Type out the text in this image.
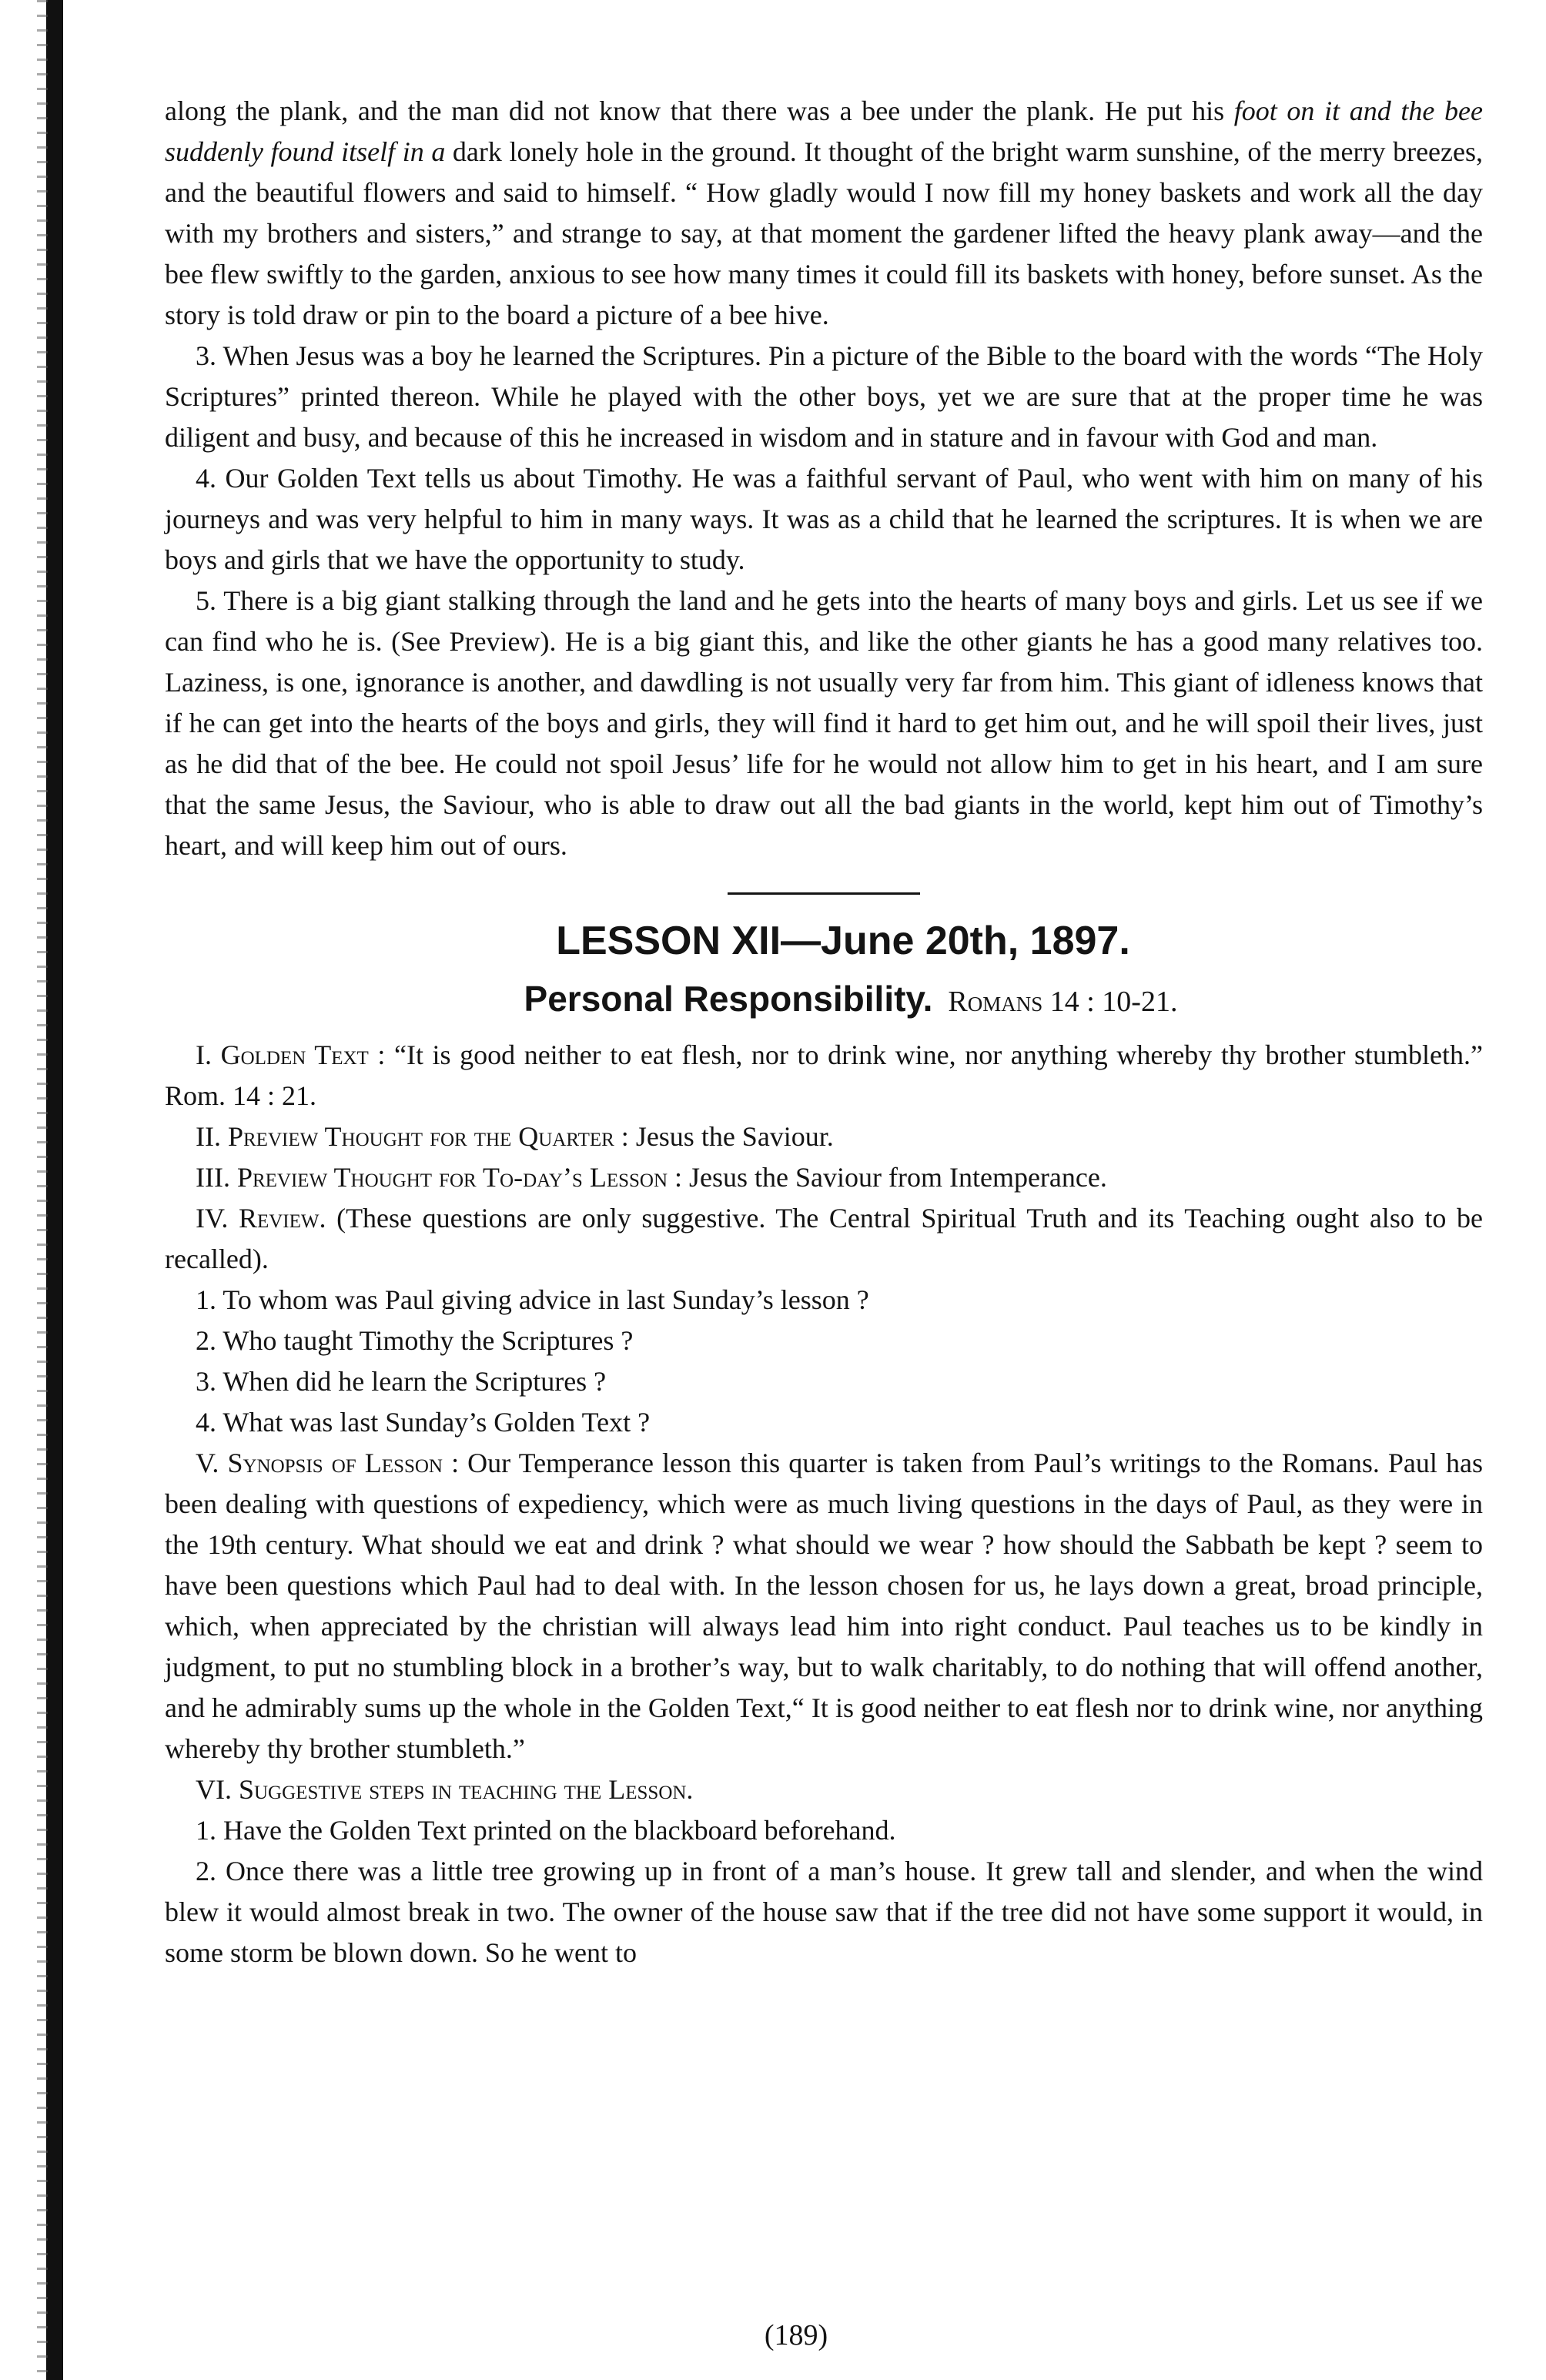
along the plank, and the man did not know that there was a bee under the plank. He put his foot on it and the bee suddenly found itself in a dark lonely hole in the ground. It thought of the bright warm sunshine, of the merry breezes, and the beautiful flowers and said to himself. “ How gladly would I now fill my honey baskets and work all the day with my brothers and sisters,” and strange to say, at that moment the gardener lifted the heavy plank away—and the bee flew swiftly to the garden, anxious to see how many times it could fill its baskets with honey, before sunset. As the story is told draw or pin to the board a picture of a bee hive.

3. When Jesus was a boy he learned the Scriptures. Pin a picture of the Bible to the board with the words “The Holy Scriptures” printed thereon. While he played with the other boys, yet we are sure that at the proper time he was diligent and busy, and because of this he increased in wisdom and in stature and in favour with God and man.

4. Our Golden Text tells us about Timothy. He was a faithful servant of Paul, who went with him on many of his journeys and was very helpful to him in many ways. It was as a child that he learned the scriptures. It is when we are boys and girls that we have the opportunity to study.

5. There is a big giant stalking through the land and he gets into the hearts of many boys and girls. Let us see if we can find who he is. (See Preview). He is a big giant this, and like the other giants he has a good many relatives too. Laziness, is one, ignorance is another, and dawdling is not usually very far from him. This giant of idleness knows that if he can get into the hearts of the boys and girls, they will find it hard to get him out, and he will spoil their lives, just as he did that of the bee. He could not spoil Jesus’ life for he would not allow him to get in his heart, and I am sure that the same Jesus, the Saviour, who is able to draw out all the bad giants in the world, kept him out of Timothy’s heart, and will keep him out of ours.

LESSON XII—June 20th, 1897.
Personal Responsibility. Romans 14 : 10-21.

I. Golden Text : “It is good neither to eat flesh, nor to drink wine, nor anything whereby thy brother stumbleth.” Rom. 14 : 21.

II. Preview Thought for the Quarter : Jesus the Saviour.

III. Preview Thought for To-day’s Lesson : Jesus the Saviour from Intemperance.

IV. Review. (These questions are only suggestive. The Central Spiritual Truth and its Teaching ought also to be recalled).

1. To whom was Paul giving advice in last Sunday’s lesson ?

2. Who taught Timothy the Scriptures ?

3. When did he learn the Scriptures ?

4. What was last Sunday’s Golden Text ?

V. Synopsis of Lesson : Our Temperance lesson this quarter is taken from Paul’s writings to the Romans. Paul has been dealing with questions of expediency, which were as much living questions in the days of Paul, as they were in the 19th century. What should we eat and drink ? what should we wear ? how should the Sabbath be kept ? seem to have been questions which Paul had to deal with. In the lesson chosen for us, he lays down a great, broad principle, which, when appreciated by the christian will always lead him into right conduct. Paul teaches us to be kindly in judgment, to put no stumbling block in a brother’s way, but to walk charitably, to do nothing that will offend another, and he admirably sums up the whole in the Golden Text,“ It is good neither to eat flesh nor to drink wine, nor anything whereby thy brother stumbleth.”

VI. Suggestive steps in teaching the Lesson.

1. Have the Golden Text printed on the blackboard beforehand.

2. Once there was a little tree growing up in front of a man’s house. It grew tall and slender, and when the wind blew it would almost break in two. The owner of the house saw that if the tree did not have some support it would, in some storm be blown down. So he went to

(189)
